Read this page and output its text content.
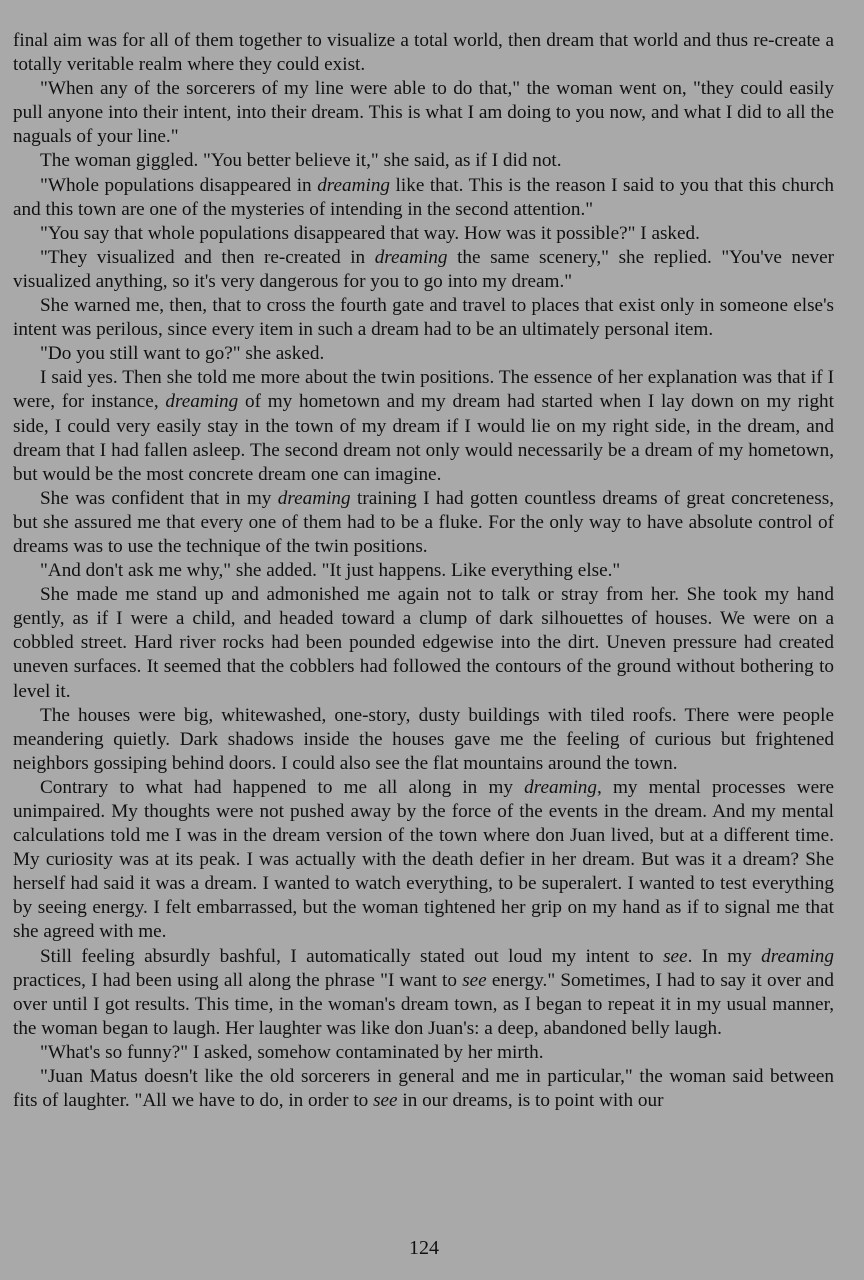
final aim was for all of them together to visualize a total world, then dream that world and thus re-create a totally veritable realm where they could exist.

"When any of the sorcerers of my line were able to do that," the woman went on, "they could easily pull anyone into their intent, into their dream. This is what I am doing to you now, and what I did to all the naguals of your line."

The woman giggled. "You better believe it," she said, as if I did not.

"Whole populations disappeared in dreaming like that. This is the reason I said to you that this church and this town are one of the mysteries of intending in the second attention."

"You say that whole populations disappeared that way. How was it possible?" I asked.

"They visualized and then re-created in dreaming the same scenery," she replied. "You've never visualized anything, so it's very dangerous for you to go into my dream."

She warned me, then, that to cross the fourth gate and travel to places that exist only in someone else's intent was perilous, since every item in such a dream had to be an ultimately personal item.

"Do you still want to go?" she asked.

I said yes. Then she told me more about the twin positions. The essence of her explanation was that if I were, for instance, dreaming of my hometown and my dream had started when I lay down on my right side, I could very easily stay in the town of my dream if I would lie on my right side, in the dream, and dream that I had fallen asleep. The second dream not only would necessarily be a dream of my hometown, but would be the most concrete dream one can imagine.

She was confident that in my dreaming training I had gotten countless dreams of great concreteness, but she assured me that every one of them had to be a fluke. For the only way to have absolute control of dreams was to use the technique of the twin positions.

"And don't ask me why," she added. "It just happens. Like everything else."

She made me stand up and admonished me again not to talk or stray from her. She took my hand gently, as if I were a child, and headed toward a clump of dark silhouettes of houses. We were on a cobbled street. Hard river rocks had been pounded edgewise into the dirt. Uneven pressure had created uneven surfaces. It seemed that the cobblers had followed the contours of the ground without bothering to level it.

The houses were big, whitewashed, one-story, dusty buildings with tiled roofs. There were people meandering quietly. Dark shadows inside the houses gave me the feeling of curious but frightened neighbors gossiping behind doors. I could also see the flat mountains around the town.

Contrary to what had happened to me all along in my dreaming, my mental processes were unimpaired. My thoughts were not pushed away by the force of the events in the dream. And my mental calculations told me I was in the dream version of the town where don Juan lived, but at a different time. My curiosity was at its peak. I was actually with the death defier in her dream. But was it a dream? She herself had said it was a dream. I wanted to watch everything, to be superalert. I wanted to test everything by seeing energy. I felt embarrassed, but the woman tightened her grip on my hand as if to signal me that she agreed with me.

Still feeling absurdly bashful, I automatically stated out loud my intent to see. In my dreaming practices, I had been using all along the phrase "I want to see energy." Sometimes, I had to say it over and over until I got results. This time, in the woman's dream town, as I began to repeat it in my usual manner, the woman began to laugh. Her laughter was like don Juan's: a deep, abandoned belly laugh.

"What's so funny?" I asked, somehow contaminated by her mirth.

"Juan Matus doesn't like the old sorcerers in general and me in particular," the woman said between fits of laughter. "All we have to do, in order to see in our dreams, is to point with our

124
